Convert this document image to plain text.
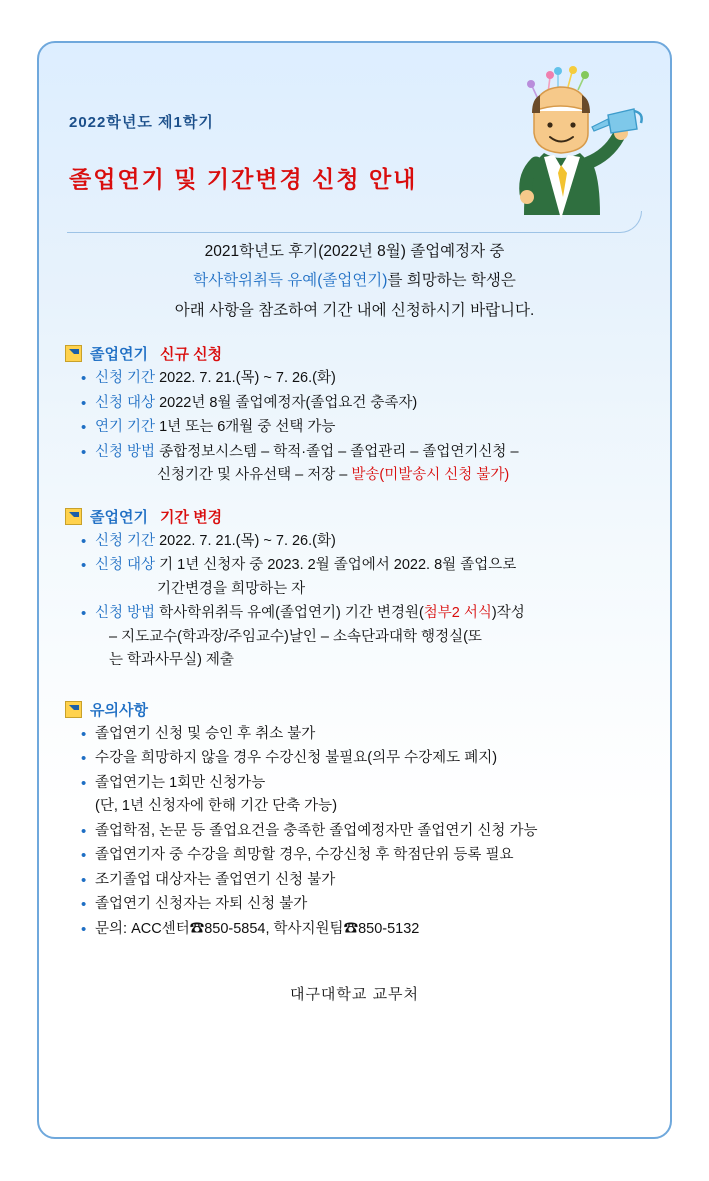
2022학년도 제1학기
졸업연기 및 기간변경 신청 안내
2021학년도 후기(2022년 8월) 졸업예정자 중
학사학위취득 유예(졸업연기)를 희망하는 학생은
아래 사항을 참조하여 기간 내에 신청하시기 바랍니다.
졸업연기 신규 신청
• 신청 기간 2022. 7. 21.(목) ~ 7. 26.(화)
• 신청 대상 2022년 8월 졸업예정자(졸업요건 충족자)
• 연기 기간 1년 또는 6개월 중 선택 가능
• 신청 방법 종합정보시스템 – 학적·졸업 – 졸업관리 – 졸업연기신청 –
신청기간 및 사유선택 – 저장 – 발송(미발송시 신청 불가)
졸업연기 기간 변경
• 신청 기간 2022. 7. 21.(목) ~ 7. 26.(화)
• 신청 대상 기 1년 신청자 중 2023. 2월 졸업에서 2022. 8월 졸업으로
기간변경을 희망하는 자
• 신청 방법 학사학위취득 유예(졸업연기) 기간 변경원(첨부2 서식)작성
– 지도교수(학과장/주임교수)날인 – 소속단과대학 행정실(또
는 학과사무실) 제출
유의사항
• 졸업연기 신청 및 승인 후 취소 불가
• 수강을 희망하지 않을 경우 수강신청 불필요(의무 수강제도 폐지)
• 졸업연기는 1회만 신청가능
(단, 1년 신청자에 한해 기간 단축 가능)
• 졸업학점, 논문 등 졸업요건을 충족한 졸업예정자만 졸업연기 신청 가능
• 졸업연기자 중 수강을 희망할 경우, 수강신청 후 학점단위 등록 필요
• 조기졸업 대상자는 졸업연기 신청 불가
• 졸업연기 신청자는 자퇴 신청 불가
• 문의: ACC센터☎850-5854, 학사지원팀☎850-5132
대구대학교 교무처
